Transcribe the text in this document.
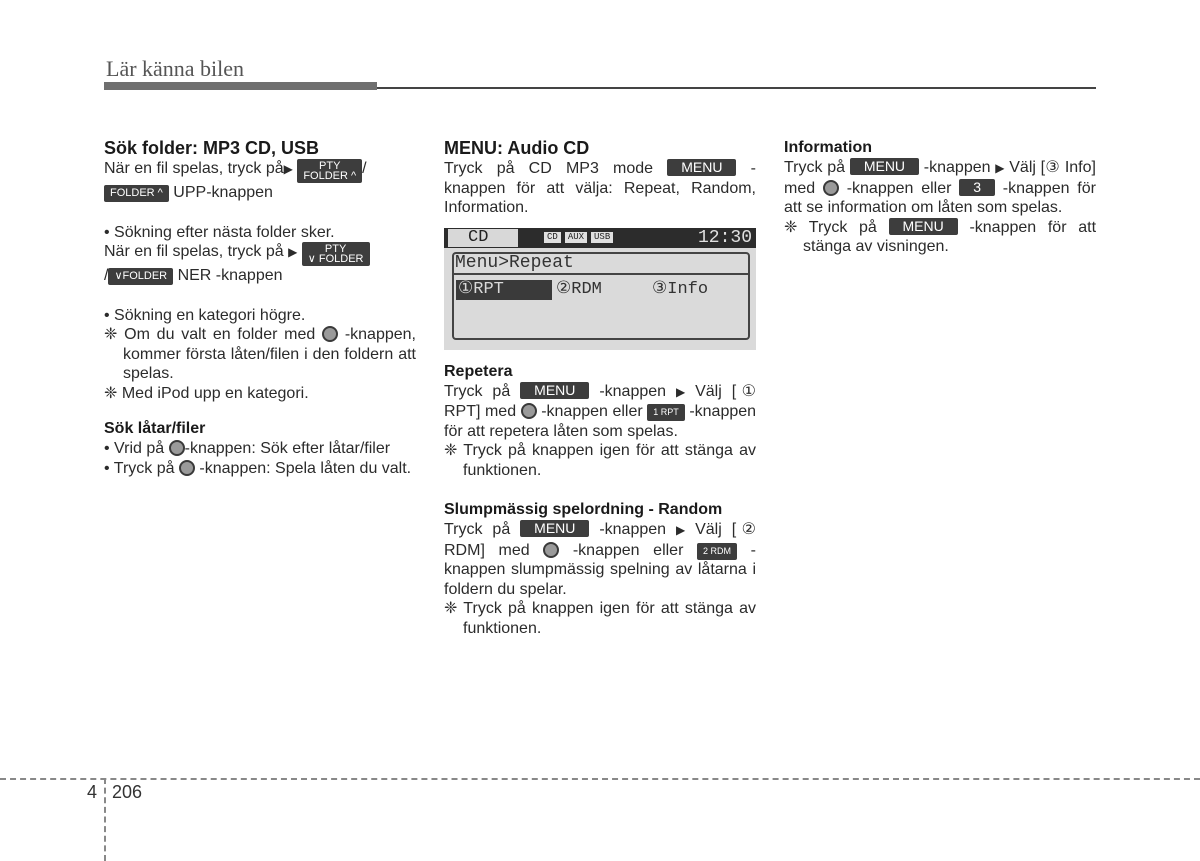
Lär känna bilen
Sök folder: MP3 CD, USB

När en fil spelas, tryck på▶ PTY
FOLDER ^ /
FOLDER ^ UPP-knappen

• Sökning efter nästa folder sker.

När en fil spelas, tryck på ▶	PTY
∨ FOLDER
/ ∨FOLDER NER -knappen

• Sökning en kategori högre.

❈ Om du valt en folder med -knappen, kommer första låten/filen i den foldern att spelas.

❈ Med iPod upp en kategori.

Sök låtar/filer

• Vrid på -knappen: Sök efter låtar/filer

• Tryck på -knappen: Spela låten du valt.

MENU: Audio CD

Tryck på CD MP3 mode MENU -knappen för att välja: Repeat, Random, Information.

CD	CD	AUX	USB	12:30
Menu>Repeat
①RPT	②RDM	③Info
Repetera

Tryck på MENU -knappen ▶ Välj [① RPT] med -knappen eller 1 RPT -knappen för att repetera låten som spelas.

❈ Tryck på knappen igen för att stänga av funktionen.

Slumpmässig spelordning - Random

Tryck på MENU -knappen ▶ Välj [② RDM] med	-knappen eller 2 RDM -knappen slumpmässig spelning av låtarna i foldern du spelar.

❈ Tryck på knappen igen för att stänga av funktionen.

Information

Tryck på MENU -knappen ▶ Välj [③ Info] med -knappen eller 3 -knappen för att se information om låten som spelas.

❈ Tryck på MENU -knappen för att stänga av visningen.

4 206
